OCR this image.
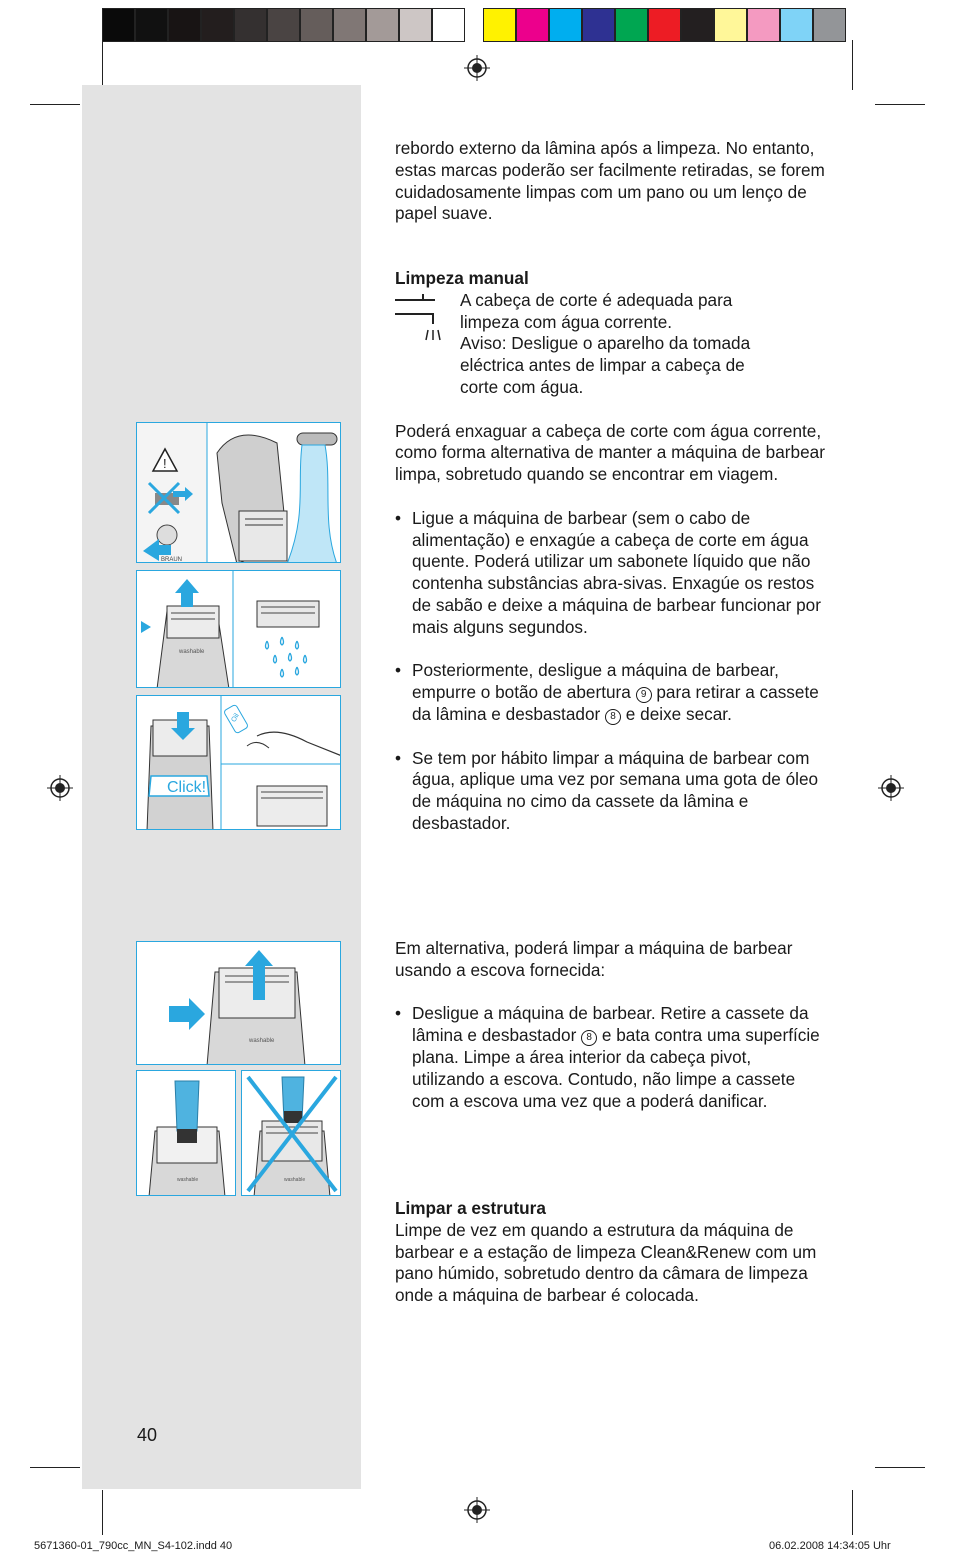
!
BRAUN
washable
Click!
Oil
washable
washable	washable

rebordo externo da lâmina após a limpeza. No entanto, estas marcas poderão ser facilmente retiradas, se forem cuidadosamente limpas com um pano ou um lenço de papel suave.

Limpeza manual

A cabeça de corte é adequada para

limpeza com água corrente.

Aviso: Desligue o aparelho da tomada

eléctrica antes de limpar a cabeça de

corte com água.

Poderá enxaguar a cabeça de corte com água corrente, como forma alternativa de manter a máquina de barbear limpa, sobretudo quando se encontrar em viagem.

• Ligue a máquina de barbear (sem o cabo de alimentação) e enxagúe a cabeça de corte em água quente. Poderá utilizar um sabonete líquido que não contenha substâncias abra-sivas. Enxagúe os restos de sabão e deixe a máquina de barbear funcionar por mais alguns segundos.

• Posteriormente, desligue a máquina de barbear, empurre o botão de abertura 9 para retirar a cassete da lâmina e desbastador 8 e deixe secar.

• Se tem por hábito limpar a máquina de barbear com água, aplique uma vez por semana uma gota de óleo de máquina no cimo da cassete da lâmina e desbastador.

Em alternativa, poderá limpar a máquina de barbear usando a escova fornecida:

• Desligue a máquina de barbear. Retire a cassete da lâmina e desbastador 8 e bata contra uma superfície plana. Limpe a área interior da cabeça pivot, utilizando a escova. Contudo, não limpe a cassete com a escova uma vez que a poderá danificar.

Limpar a estrutura

Limpe de vez em quando a estrutura da máquina de barbear e a estação de limpeza Clean&Renew com um pano húmido, sobretudo dentro da câmara de limpeza onde a máquina de barbear é colocada.

40
5671360-01_790cc_MN_S4-102.indd 40	06.02.2008 14:34:05 Uhr
